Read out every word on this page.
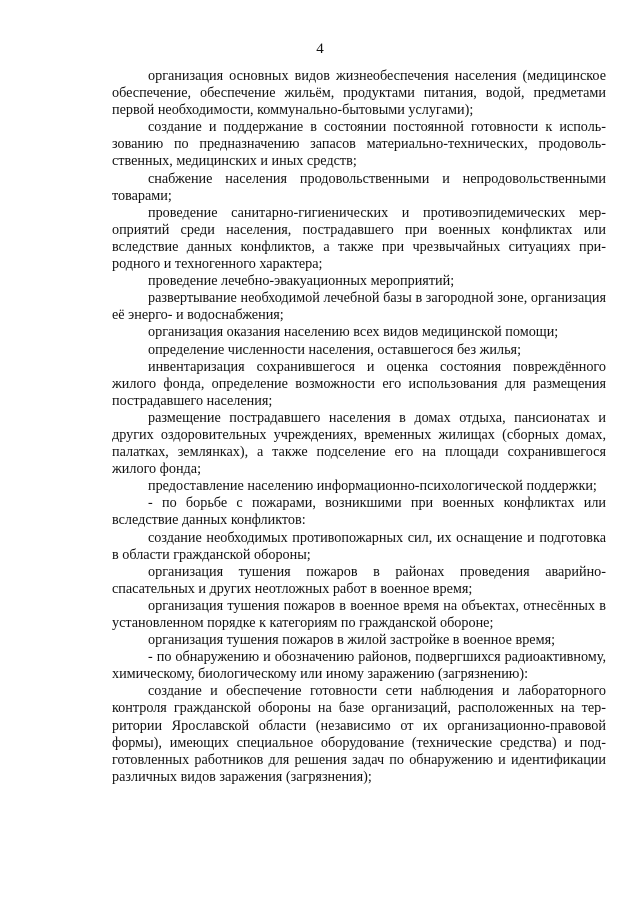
4

организация основных видов жизнеобеспечения населения (медицинское обеспечение, обеспечение жильём, продуктами питания, водой, предметами первой необходимости, коммунально-бытовыми услугами);

создание и поддержание в состоянии постоянной готовности к использованию по предназначению запасов материально-технических, продовольственных, медицинских и иных средств;

снабжение населения продовольственными и непродовольственными товарами;

проведение санитарно-гигиенических и противоэпидемических мероприятий среди населения, пострадавшего при военных конфликтах или вследствие данных конфликтов, а также при чрезвычайных ситуациях природного и техногенного характера;

проведение лечебно-эвакуационных мероприятий;

развертывание необходимой лечебной базы в загородной зоне, организация её энерго- и водоснабжения;

организация оказания населению всех видов медицинской помощи;

определение численности населения, оставшегося без жилья;

инвентаризация сохранившегося и оценка состояния повреждённого жилого фонда, определение возможности его использования для размещения пострадавшего населения;

размещение пострадавшего населения в домах отдыха, пансионатах и других оздоровительных учреждениях, временных жилищах (сборных домах, палатках, землянках), а также подселение его на площади сохранившегося жилого фонда;

предоставление населению информационно-психологической поддержки;

- по борьбе с пожарами, возникшими при военных конфликтах или вследствие данных конфликтов:

создание необходимых противопожарных сил, их оснащение и подготовка в области гражданской обороны;

организация тушения пожаров в районах проведения аварийно-спасательных и других неотложных работ в военное время;

организация тушения пожаров в военное время на объектах, отнесённых в установленном порядке к категориям по гражданской обороне;

организация тушения пожаров в жилой застройке в военное время;

- по обнаружению и обозначению районов, подвергшихся радиоактивному, химическому, биологическому или иному заражению (загрязнению):

создание и обеспечение готовности сети наблюдения и лабораторного контроля гражданской обороны на базе организаций, расположенных на территории Ярославской области (независимо от их организационно-правовой формы), имеющих специальное оборудование (технические средства) и подготовленных работников для решения задач по обнаружению и идентификации различных видов заражения (загрязнения);
